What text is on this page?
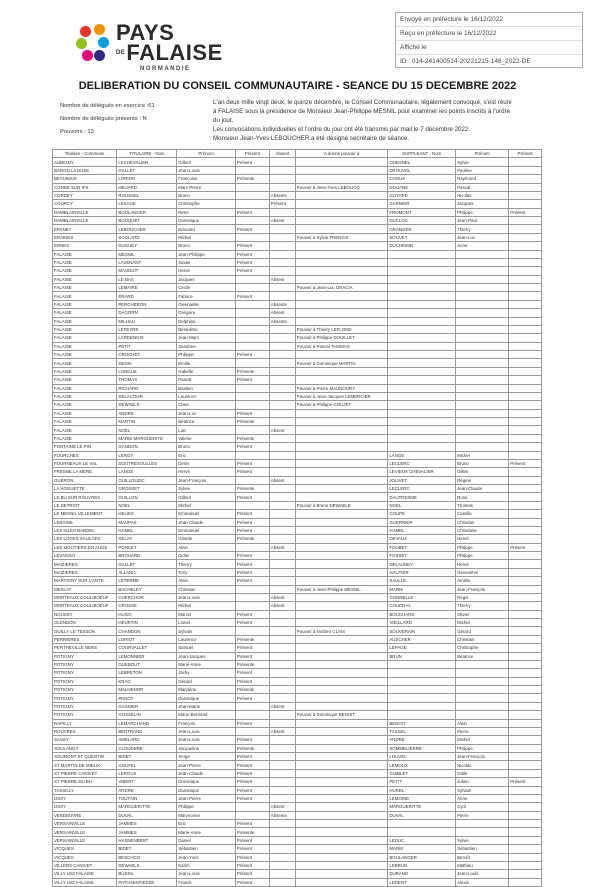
PAYS
$^{DE}$FALAISE
NORMANDIE
Envoyé en préfecture le 16/12/2022
Reçu en préfecture le 16/12/2022
Affiché le
ID : 014-241400514-20221215-146_2022-DE
DELIBERATION DU CONSEIL COMMUNAUTAIRE - SEANCE DU 15 DECEMBRE 2022
Nombre de délégués en exercice :61
Nombre de délégués présents : N
Pouvoirs : 13
L'an deux mille vingt deux, le quinze décembre, le Conseil Communautaire, légalement convoqué, s'est réuni à FALAISE sous la présidence de Monsieur Jean-Philippe MESNIL pour examiner les points inscrits à l'ordre du jour.
Les convocations individuelles et l'ordre du jour ont été transmis par mail le 7 décembre 2022.
Monsieur Jean-Yves LEBOUCHER a été désigné secrétaire de séance.
Titulaire - Commune	TITULAIRE - Nom	Prénom	Présent	Absent	A donné pouvoir à	SUPPLEANT - Nom	Prénom	Présent
AUBIGNY	LECHEVALIER	Gilbert	Présent			OUESNEL	Sylvie	
BARON LA BUSE	GALLET	Jean-Louis				DROUVEL	Pauline	
BEAUMAIS	LORION	Françoise	Présente			CHOUX	Raymond	
CONDE SUR IFS	HEUARD	Marc-Pierre			Pouvoir à Jean-Yves LEBOUCQ	DOUANE	Pascal	
CORDEY	ROUSSEL	Bruno		Absente		GUYARD	Nicolas	
COURCY	LESAGE	Christophe		Présent		GARNIER	Jacques	
DAMBLAINVILLE	BOULANGER	Rémi	Présent			FROMONT	Philippe	Présent
DAMBLAINVILLE	BOUQUET	Dominique		Absent		DUCLOS	Jean-Paul	
EPANEY	LEBOUCHER	Edouard	Présent			GRANGER	Thierry	
ERAINES	SOULARD	Michel			Pouvoir à Sylvie FRENAIS	SOUVET	Jean-Luc	
ERNES	DUGUEY	Bruno	Présent			DUCHEMIN	Anne	
FALAISE	MESNIL	Jean-Philippe	Présent					
FALAISE	LAVENANT	Xavier	Présent					
FALAISE	MAUDUIT	Hervé	Présent					
FALAISE	LE BAS	Jacques		Absent				
FALAISE	LEMAIRE	Cécile			Pouvoir à Jean-Luc GRACIA			
FALAISE	ERARD	Fabrice	Présent					
FALAISE	PERCHERON	Gwenaëlle		Absente				
FALAISE	DAGORN	Grégoire		Absent				
FALAISE	MILHAU	Delphine		Absente				
FALAISE	LEFEVRE	Bénédicte			Pouvoir à Thierry LEFLOND			
FALAISE	LARDENOIS	Jean-Marc			Pouvoir à Philippe DOUILLET			
FALAISE	PETIT	Sandrine			Pouvoir à Pascal THOMAS			
FALAISE	CROCHET	Philippe	Présent					
FALAISE	DENIS	Emilie			Pouvoir à Dominique MARTIN			
FALAISE	LONGUE	Isabelle	Présente					
FALAISE	THOMAS	Pascal	Présent					
FALAISE	RICHARD	Bastien			Pouvoir à Pierre MAUNOURY			
FALAISE	DELACOUR	Laurence			Pouvoir à Jean-Jacques LEMERCIER			
FALAISE	DEWAELE	Clara			Pouvoir à Philippe GOUJET			
FALAISE	ANDRE	Jean-Luc	Présent					
FALAISE	MARTIN	Béatrice	Présente					
FALAISE	NOEL	Loïc		Absent				
FALAISE	MARIE-MARGUERITE	Valérie	Présente					
FONTAINE LE PIN	GANDON	Bruno	Présent					
FOURCHES	LEROY	Eric				LANGE	Michel	
FOURNEAUX LE VAL	DOUTRESOULLES	Denis	Présent			LECLERC	Bruno	Présent
FRESNE LA MERE	LANGE	Hervé	Présent			LEVIEUX CHEVALIER	Gilles	
GUERON	GUILLOUZIC	Jean-François		Absent		JOLIVET	Régine	
LA HOGUETTE	GROSSET	Sylvie	Présente			LECLERC	Jean-Claude	
LE BU SUR ROUVRES	GUILLON	Gilbert	Présent			DAUTRESME	Rose	
LE DETROIT	NOEL	Michel			Pouvoir à Bruno DEWAELE	NOEL	Thomas	
LE MESNIL VILLEMENT	HELIES	Emmanuel	Présent			COUPE	Camille	
LERAINE	MAUPAS	Jean-Claude	Présent			GUERNIER	Christian	
LES ISLES BARDEL	HAMEL	Emmanuel	Présent			HAMEL	Christiane	
LES LOGES SAULCES	DELAY	Ginette	Présente			DEVAUX	Hervé	
LES MOUTIERS EN AUGE	PONCET	Alain		Absent		FOUBET	Philippe	Présent
LEVAIGNY	BROUARD	Didier	Présent			FOSSEY	Philippe	
MAIZIERES	GALLET	Thierry	Présent			DELAUNEY	Hervé	
MAIZIERES	ALLANIC	Tony	Présent			HAUTIER	Geneviève	
MARTIGNY SUR L'ANTE	LETERME	Alain	Présent			SAULLE	Amélie	
MESLAY	BACHELEY	Christian			Pouvoir à Jean-Philippe MESNIL	MARIE	Jean-François	
MORTEAUX COULIBOEUF	CHERCHOR	Jean-Louis		Absent		GONNELLE	Régis	
MORTEAUX COULIBOEUF	CROSSE	Michel		Absent		COUDRAY	Thierry	
NOUSSY	HUGO	Marcel	Présent			BOUCHARD	Olivier	
OLENDON	HEURTIN	Lionel	Présent			VIEILLARD	Michel	
OUILLY LE TESSON	CHANDON	Sylvain			Pouvoir à Norbert CLAIS	SOUVERAIN	Gérard	
PERRIERES	LORIOT	Laurence	Présente			AUSCHER	Christian	
PERTHEVILLE NERS	COURVALLET	Samuel	Présent			LEPAGE	Christophe	
POTIGNY	LEMONNIER	Jean-Jacques	Présent			BRUN	Béatrice	
POTIGNY	GUEBOUT	Marie-Anne	Présente					
POTIGNY	LEBRETON	Jacky	Présent					
POTIGNY	KRAG	Gérard	Présent					
POTIGNY	MALHENOR	Marylène	Présente					
POTIGNY	PENOT	Dominique	Présent					
POTIGNY	GASNIER	Jean-Marie		Absent				
POTIGNY	GOSSELIN	Marie-Bertrand			Pouvoir à Dominique BENOIT			
RAPILLY	LEMARCHAND	François	Présent			BENOIT	Alain	
ROUVRES	BERTRAND	Jean-Louis		Absent		TASSEL	Pierre	
SASSY	AMELARD	Jean-Louis	Présent			ANDRE	Michel	
SOULANGY	CLOUDERE	Jacqueline	Présente			SOMMELIERRE	Philippe	
SOUMONT ST QUENTIN	BIDET	Serge	Présent			LOUVEL	Jean-François	
ST MARTIN DE MIEUX	GOUFEL	Jean-Pierre	Présent			LEMOUX	Nicolas	
ST PIERRE CANIVET	LEROUX	Jean-Claude	Présent			GUIBLET	Odile	
ST PIERRE DU BU	VIBERT	Dominique	Présent			PETIT	Julien	Présent
TASSILLY	ARDRE	Dominique	Présent			HUREL	Sylvain	
USSY	TOUTAIN	Jean-Pierre	Présent			LEMOINE	Anne	
USSY	MARGUERITTE	Philippe		Absent		MARGUERITTE	Cyril	
VENDEUVRE	DUVAL	Maryvonne		Absente		DUVAL	Pierre	
VERSAINVILLE	JAMMES	Eric	Présent					
VERSAINVILLE	JAMMES	Marie-Anne	Présente					
VERSAINVILLE	HASNENBERT	Daniel	Présent			LEDUC	Sylvie	
VICQUES	BIDET	Sébastien	Présent			MARIE	Sébastien	
VICQUES	BESCHCO	Jean-Yves	Présent			BOULANGER	Benoît	
VILLERS CANIVET	DEWAELE	Karim	Présent			LEBRUN	Mathieu	
VILLY LEZ FALAISE	BUSSIL	Jean-Louis	Présent			DURAND	Jean-Louis	
VILLY LEZ FALAISE	PATCHENTIESSE	Franck	Présent			LEDENT	Alexis	
